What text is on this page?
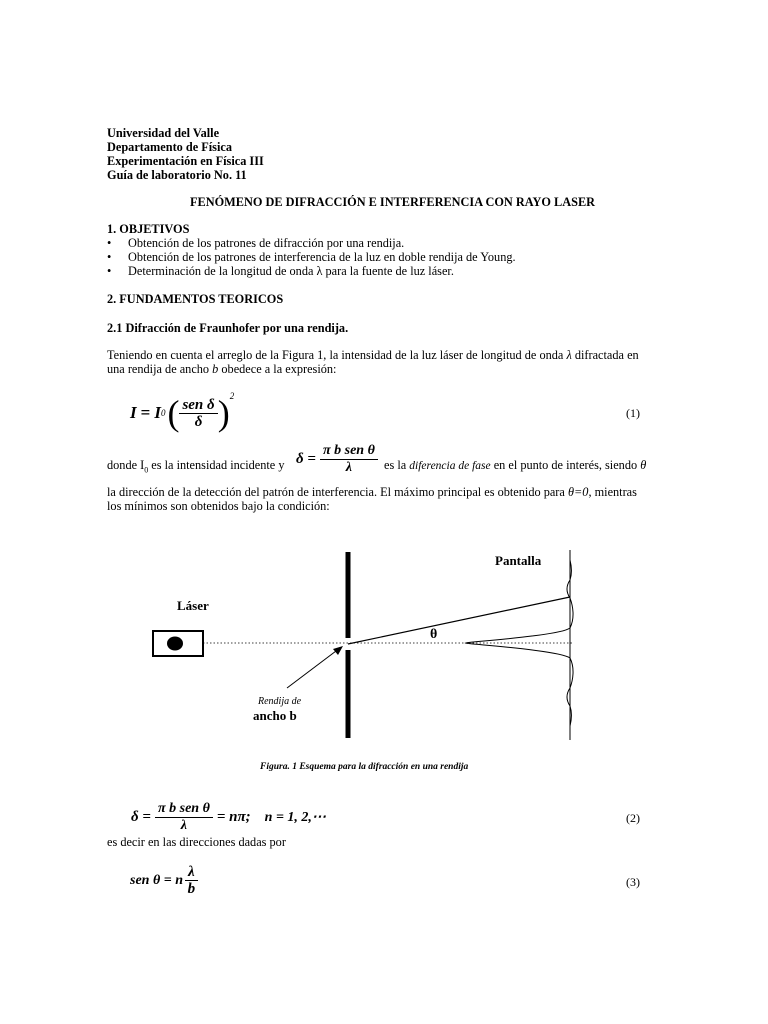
Universidad del Valle
Departamento de Física
Experimentación en Física III
Guía de laboratorio No. 11
FENÓMENO DE DIFRACCIÓN E INTERFERENCIA CON RAYO LASER
1. OBJETIVOS
• Obtención de los patrones de difracción por una rendija.
• Obtención de los patrones de interferencia de la luz en doble rendija de Young.
• Determinación de la longitud de onda λ para la fuente de luz láser.
2. FUNDAMENTOS TEORICOS
2.1 Difracción de Fraunhofer por una rendija.
Teniendo en cuenta el arreglo de la Figura 1, la intensidad de la luz láser de longitud de onda λ difractada en
una rendija de ancho b obedece a la expresión:
I = I 0 ( $\frac{\text{sen δ}}{\delta} )^2$
(1)
donde $I_0$ es la intensidad incidente y $\delta = \frac{\text{π b sen θ}}{\lambda}$ es la diferencia de fase en el punto de interés, siendo θ
la dirección de la detección del patrón de interferencia. El máximo principal es obtenido para θ=0, mientras
los mínimos son obtenidos bajo la condición:
Pantalla
Láser
θ
Rendija de
ancho b
Figura. 1 Esquema para la difracción en una rendija
$\delta = \frac{\text{π b sen θ}}{\lambda} = n\pi$; n = 1, 2,⋯	(2)
es decir en las direcciones dadas por
sen θ = n $\frac{\lambda}{b}$	(3)
